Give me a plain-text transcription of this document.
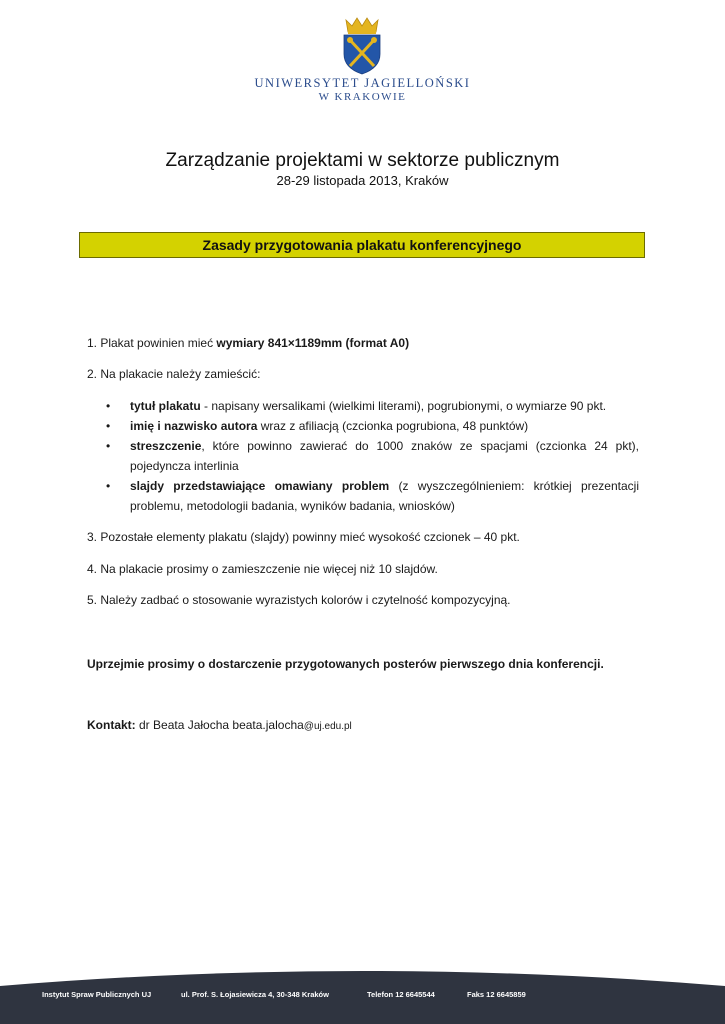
UNIWERSYTET JAGIELLOŃSKI
W KRAKOWIE
Zarządzanie projektami w sektorze publicznym
28-29 listopada 2013, Kraków
Zasady przygotowania plakatu konferencyjnego
1. Plakat powinien mieć wymiary 841×1189mm (format A0)
2. Na plakacie należy zamieścić:
• tytuł plakatu - napisany wersalikami (wielkimi literami), pogrubionymi, o wymiarze 90 pkt.
• imię i nazwisko autora wraz z afiliacją (czcionka pogrubiona, 48 punktów)
• streszczenie, które powinno zawierać do 1000 znaków ze spacjami (czcionka 24 pkt), pojedyncza interlinia
• slajdy przedstawiające omawiany problem (z wyszczególnieniem: krótkiej prezentacji problemu, metodologii badania, wyników badania, wniosków)
3. Pozostałe elementy plakatu (slajdy) powinny mieć wysokość czcionek – 40 pkt.
4. Na plakacie prosimy o zamieszczenie nie więcej niż 10 slajdów.
5. Należy zadbać o stosowanie wyrazistych kolorów i czytelność kompozycyjną.
Uprzejmie prosimy o dostarczenie przygotowanych posterów pierwszego dnia konferencji.
Kontakt: dr Beata Jałocha beata.jalocha@uj.edu.pl
Instytut Spraw Publicznych UJ	ul. Prof. S. Łojasiewicza 4, 30-348 Kraków	Telefon 12 6645544	Faks 12 6645859
